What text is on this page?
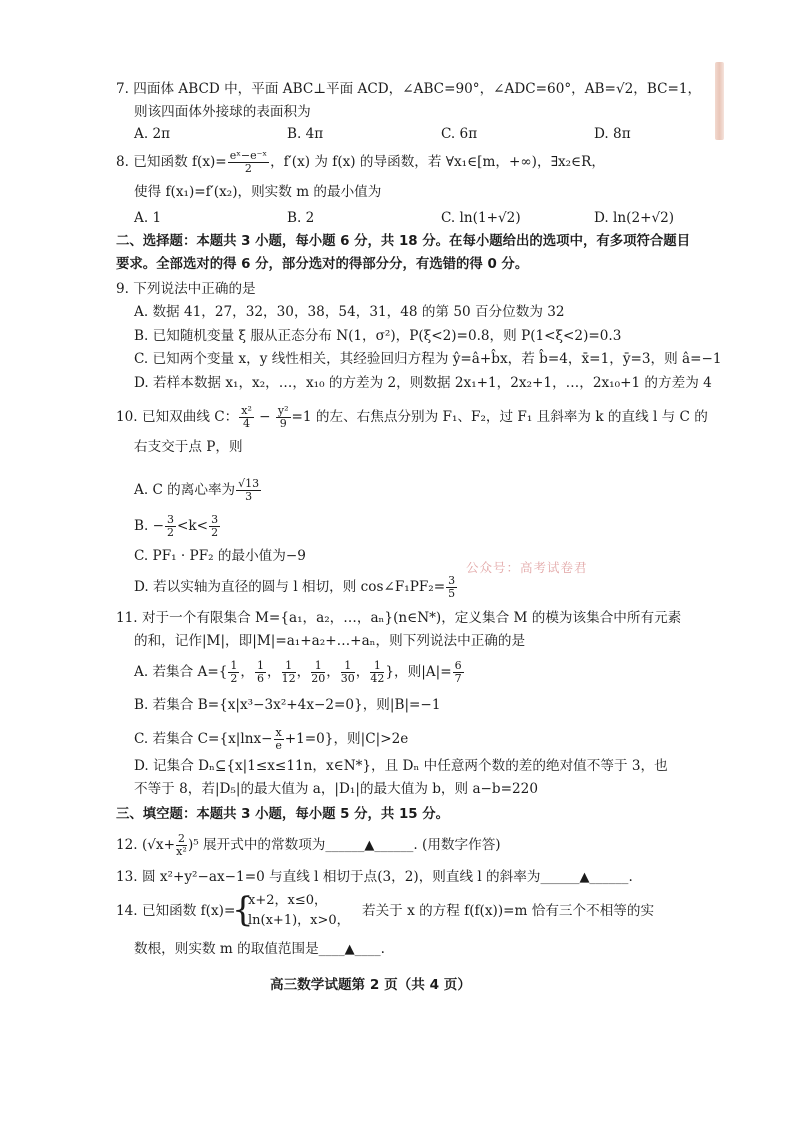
7. 四面体 ABCD 中，平面 ABC⊥平面 ACD，∠ABC=90°，∠ADC=60°，AB=√2，BC=1，
则该四面体外接球的表面积为
A. 2π	B. 4π	C. 6π	D. 8π
8. 已知函数 $f(x)= \frac{\text{eˣ−e⁻ˣ}}{2}$ ，f′(x) 为 f(x) 的导函数，若 ∀x₁∈[m，+∞)，∃x₂∈R，
使得 f(x₁)=f′(x₂)，则实数 m 的最小值为
A. 1	B. 2	C. ln(1+√2)	D. ln(2+√2)
二、选择题：本题共 3 小题，每小题 6 分，共 18 分。在每小题给出的选项中，有多项符合题目
要求。全部选对的得 6 分，部分选对的得部分分，有选错的得 0 分。
9. 下列说法中正确的是
A. 数据 41，27，32，30，38，54，31，48 的第 50 百分位数为 32
B. 已知随机变量 ξ 服从正态分布 N(1，σ²)，P(ξ<2)=0.8，则 P(1<ξ<2)=0.3
C. 已知两个变量 x，y 线性相关，其经验回归方程为 ŷ=â+b̂x，若 b̂=4，x̄=1，ȳ=3，则 â=−1
D. 若样本数据 x₁，x₂，…，x₁₀ 的方差为 2，则数据 2x₁+1，2x₂+1，…，2x₁₀+1 的方差为 4
10. 已知双曲线 C： $\frac{\text{x²}}{4} - \frac{\text{y²}}{9} =1$ 的左、右焦点分别为 F₁、F₂，过 F₁ 且斜率为 k 的直线 l 与 C 的
右支交于点 P，则
A. C 的离心率为 $\frac{√13}{3}$
B. − $\frac{3}{2} <k< \frac{3}{2}$
C. PF₁ · PF₂ 的最小值为−9
公众号：高考试卷君
D. 若以实轴为直径的圆与 l 相切，则 cos∠F₁PF₂= $\frac{3}{5}$
11. 对于一个有限集合 M={a₁，a₂，…，aₙ}(n∈N*)，定义集合 M 的模为该集合中所有元素
的和，记作|M|，即|M|=a₁+a₂+…+aₙ，则下列说法中正确的是
A. 若集合 $A=\{ \frac{1}{2}$ ， $\frac{1}{6}$ ， $\frac{1}{12}$ ， $\frac{1}{20}$ ， $\frac{1}{30}$ ， $\frac{1}{42}$ }，则$|A|= \frac{6}{7}$
B. 若集合 B={x|x³−3x²+4x−2=0}，则|B|=−1
C. 若集合 $C=\{x|\ln x- \frac{x}{e} +1=0\}$，则|C|>2e
D. 记集合 Dₙ⊆{x|1≤x≤11n，x∈N*}，且 Dₙ 中任意两个数的差的绝对值不等于 3，也
不等于 8，若|D₅|的最大值为 a，|D₁|的最大值为 b，则 a−b=220
三、填空题：本题共 3 小题，每小题 5 分，共 15 分。
12. $(√x+ \frac{2}{\text{x²}} )^5$ 展开式中的常数项为______▲______. (用数字作答)
13. 圆 x²+y²−ax−1=0 与直线 l 相切于点(3，2)，则直线 l 的斜率为______▲______.
14. 已知函数 f(x)=
{
x+2，x≤0，
ln(x+1)，x>0，
若关于 x 的方程 f(f(x))=m 恰有三个不相等的实
数根，则实数 m 的取值范围是____▲____.
高三数学试题第 2 页（共 4 页）
